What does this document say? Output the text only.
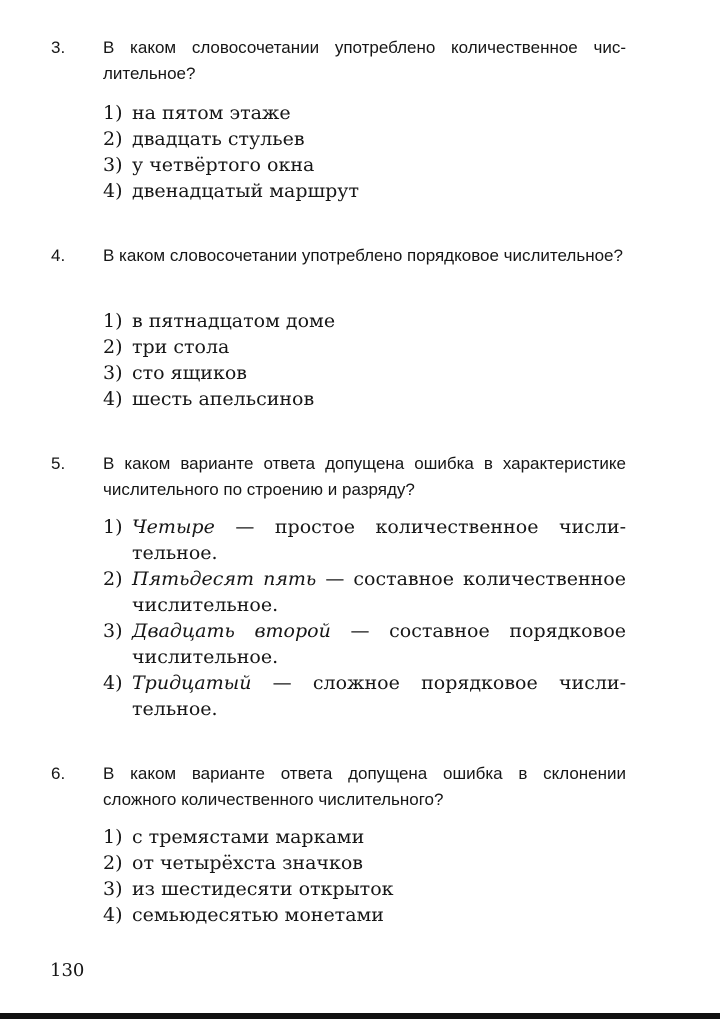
3. В каком словосочетании употреблено количественное числительное?
1) на пятом этаже
2) двадцать стульев
3) у четвёртого окна
4) двенадцатый маршрут
4. В каком словосочетании употреблено порядковое числительное?
1) в пятнадцатом доме
2) три стола
3) сто ящиков
4) шесть апельсинов
5. В каком варианте ответа допущена ошибка в характеристике числительного по строению и разряду?
1) Четыре — простое количественное числительное.
2) Пятьдесят пять — составное количественное числительное.
3) Двадцать второй — составное порядковое числительное.
4) Тридцатый — сложное порядковое числительное.
6. В каком варианте ответа допущена ошибка в склонении сложного количественного числительного?
1) с тремястами марками
2) от четырёхста значков
3) из шестидесяти открыток
4) семьюдесятью монетами
130
